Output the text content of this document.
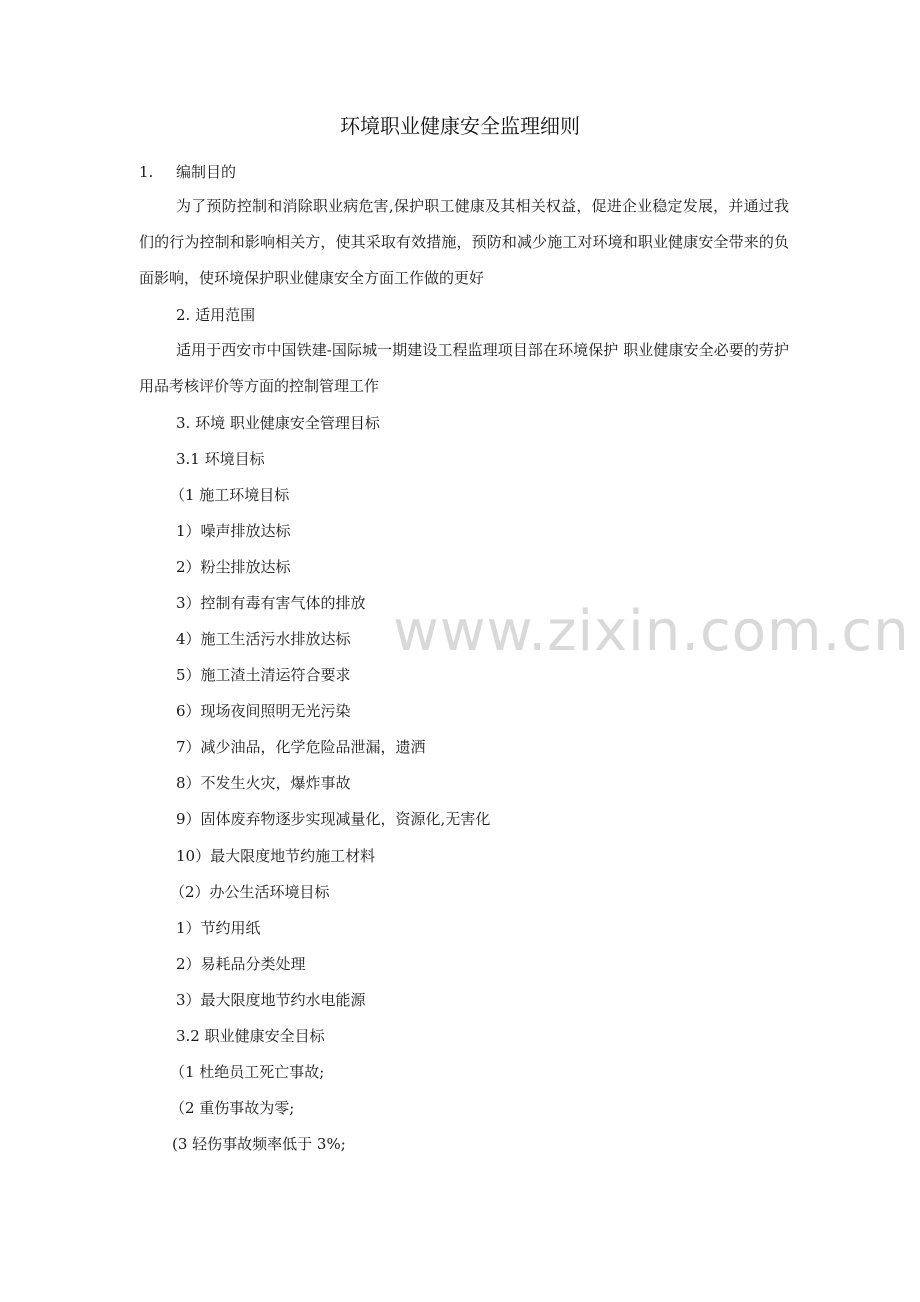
环境职业健康安全监理细则
1. 编制目的
为了预防控制和消除职业病危害,保护职工健康及其相关权益，促进企业稳定发展，并通过我们的行为控制和影响相关方，使其采取有效措施，预防和减少施工对环境和职业健康安全带来的负面影响，使环境保护职业健康安全方面工作做的更好
2. 适用范围
适用于西安市中国铁建-国际城一期建设工程监理项目部在环境保护 职业健康安全必要的劳护用品考核评价等方面的控制管理工作
3. 环境 职业健康安全管理目标
3.1 环境目标
（1 施工环境目标
1）噪声排放达标
2）粉尘排放达标
3）控制有毒有害气体的排放
4）施工生活污水排放达标
5）施工渣土清运符合要求
6）现场夜间照明无光污染
7）减少油品，化学危险品泄漏，遗洒
8）不发生火灾，爆炸事故
9）固体废弃物逐步实现减量化，资源化,无害化
10）最大限度地节约施工材料
（2）办公生活环境目标
1）节约用纸
2）易耗品分类处理
3）最大限度地节约水电能源
3.2 职业健康安全目标
（1 杜绝员工死亡事故;
（2 重伤事故为零;
(3 轻伤事故频率低于 3%;
www.zixin.com.cn
